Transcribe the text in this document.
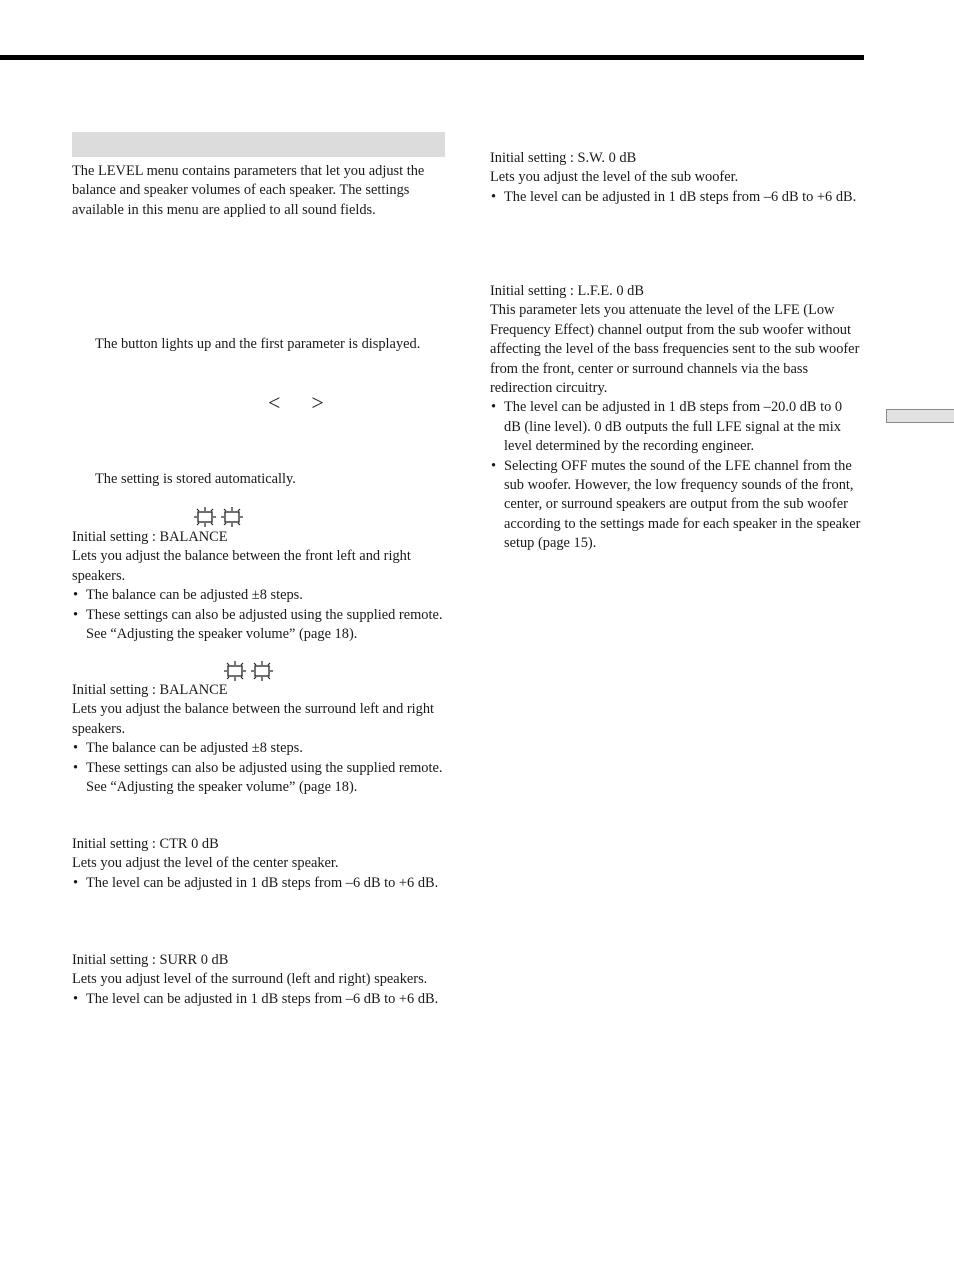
The LEVEL menu contains parameters that let you adjust the balance and speaker volumes of each speaker. The settings available in this menu are applied to all sound fields.

The button lights up and the first parameter is displayed.

< >

The setting is stored automatically.

Initial setting : BALANCE
Lets you adjust the balance between the front left and right speakers.
• The balance can be adjusted ±8 steps.
• These settings can also be adjusted using the supplied remote. See “Adjusting the speaker volume” (page 18).
Initial setting : BALANCE
Lets you adjust the balance between the surround left and right speakers.
• The balance can be adjusted ±8 steps.
• These settings can also be adjusted using the supplied remote. See “Adjusting the speaker volume” (page 18).
Initial setting : CTR 0 dB
Lets you adjust the level of the center speaker.
• The level can be adjusted in 1 dB steps from –6 dB to +6 dB.
Initial setting : SURR 0 dB
Lets you adjust level of the surround (left and right) speakers.
• The level can be adjusted in 1 dB steps from –6 dB to +6 dB.
Initial setting : S.W. 0 dB
Lets you adjust the level of the sub woofer.
• The level can be adjusted in 1 dB steps from –6 dB to +6 dB.
Initial setting : L.F.E. 0 dB
This parameter lets you attenuate the level of the LFE (Low Frequency Effect) channel output from the sub woofer without affecting the level of the bass frequencies sent to the sub woofer from the front, center or surround channels via the bass redirection circuitry.
• The level can be adjusted in 1 dB steps from –20.0 dB to 0 dB (line level). 0 dB outputs the full LFE signal at the mix level determined by the recording engineer.
• Selecting OFF mutes the sound of the LFE channel from the sub woofer. However, the low frequency sounds of the front, center, or surround speakers are output from the sub woofer according to the settings made for each speaker in the speaker setup (page 15).
